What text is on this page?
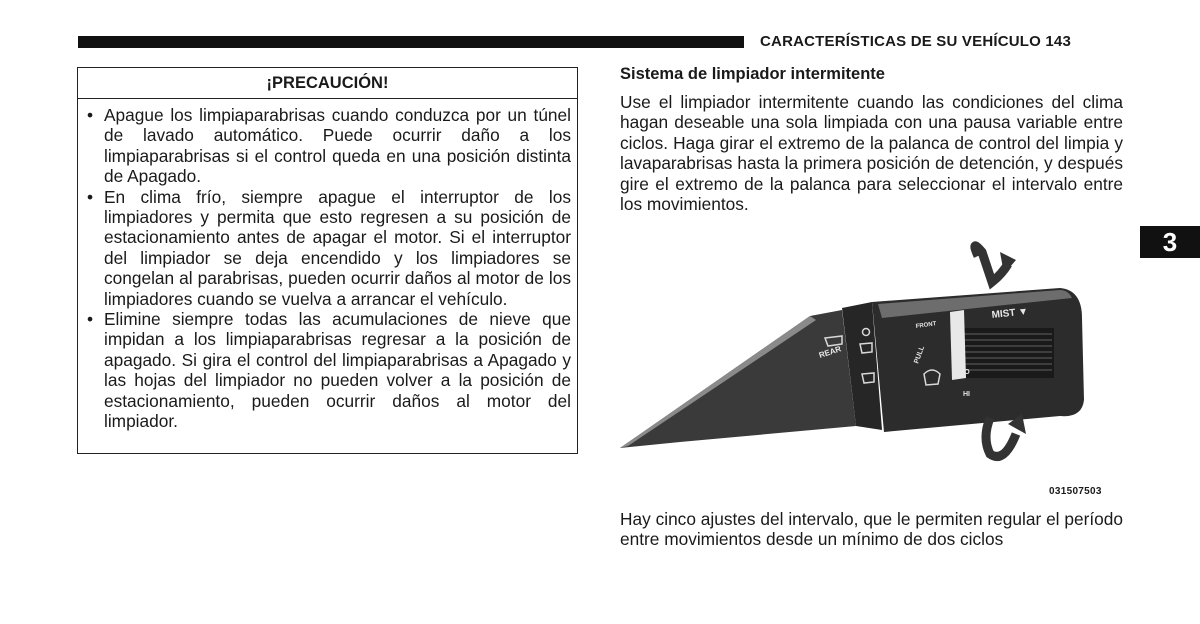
CARACTERÍSTICAS DE SU VEHÍCULO 143
3
¡PRECAUCIÓN!
• Apague los limpiaparabrisas cuando conduzca por un túnel de lavado automático. Puede ocurrir daño a los limpiaparabrisas si el control queda en una posición distinta de Apagado.
• En clima frío, siempre apague el interruptor de los limpiadores y permita que esto regresen a su posición de estacionamiento antes de apagar el motor. Si el interruptor del limpiador se deja encendido y los limpiadores se congelan al parabrisas, pueden ocurrir daños al motor de los limpiadores cuando se vuelva a arrancar el vehículo.
• Elimine siempre todas las acumulaciones de nieve que impidan a los limpiaparabrisas regresar a la posición de apagado. Si gira el control del limpiaparabrisas a Apagado y las hojas del limpiador no pueden volver a la posición de estacionamiento, pueden ocurrir daños al motor del limpiador.
Sistema de limpiador intermitente

Use el limpiador intermitente cuando las condiciones del clima hagan deseable una sola limpiada con una pausa variable entre ciclos. Haga girar el extremo de la palanca de control del limpia y lavaparabrisas hasta la primera posición de detención, y después gire el extremo de la palanca para seleccionar el intervalo entre los movimientos.

MIST ▼
REAR
FRONT
PULL
LO
HI
031507503

Hay cinco ajustes del intervalo, que le permiten regular el período entre movimientos desde un mínimo de dos ciclos
